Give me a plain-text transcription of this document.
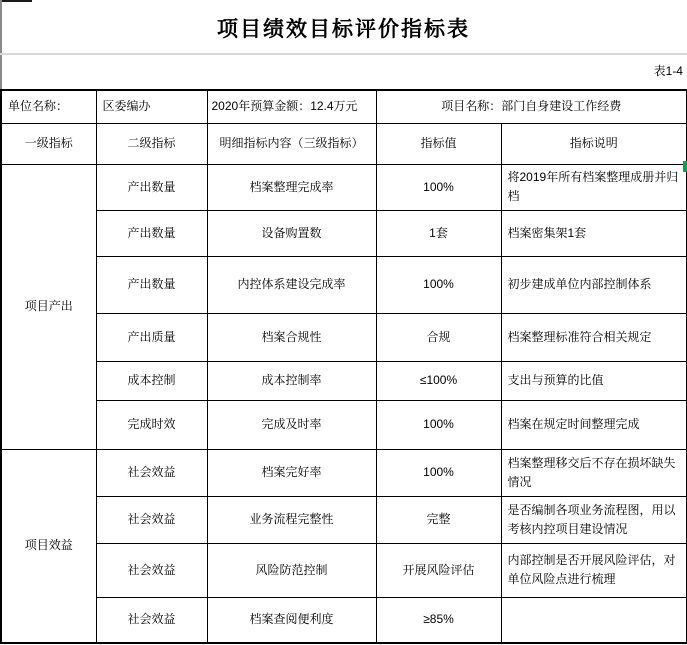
项目绩效目标评价指标表
表1-4
单位名称：	区委编办	2020年预算金额：12.4万元	项目名称：部门自身建设工作经费	
一级指标	二级指标	明细指标内容（三级指标）	指标值	指标说明
项目产出	产出数量	档案整理完成率	100%	将2019年所有档案整理成册并归档
	产出数量	设备购置数	1套	档案密集架1套
	产出数量	内控体系建设完成率	100%	初步建成单位内部控制体系
	产出质量	档案合规性	合规	档案整理标准符合相关规定
	成本控制	成本控制率	≤100%	支出与预算的比值
	完成时效	完成及时率	100%	档案在规定时间整理完成
项目效益	社会效益	档案完好率	100%	档案整理移交后不存在损坏缺失情况
	社会效益	业务流程完整性	完整	是否编制各项业务流程图，用以考核内控项目建设情况
	社会效益	风险防范控制	开展风险评估	内部控制是否开展风险评估，对单位风险点进行梳理
	社会效益	档案查阅便利度	≥85%	
